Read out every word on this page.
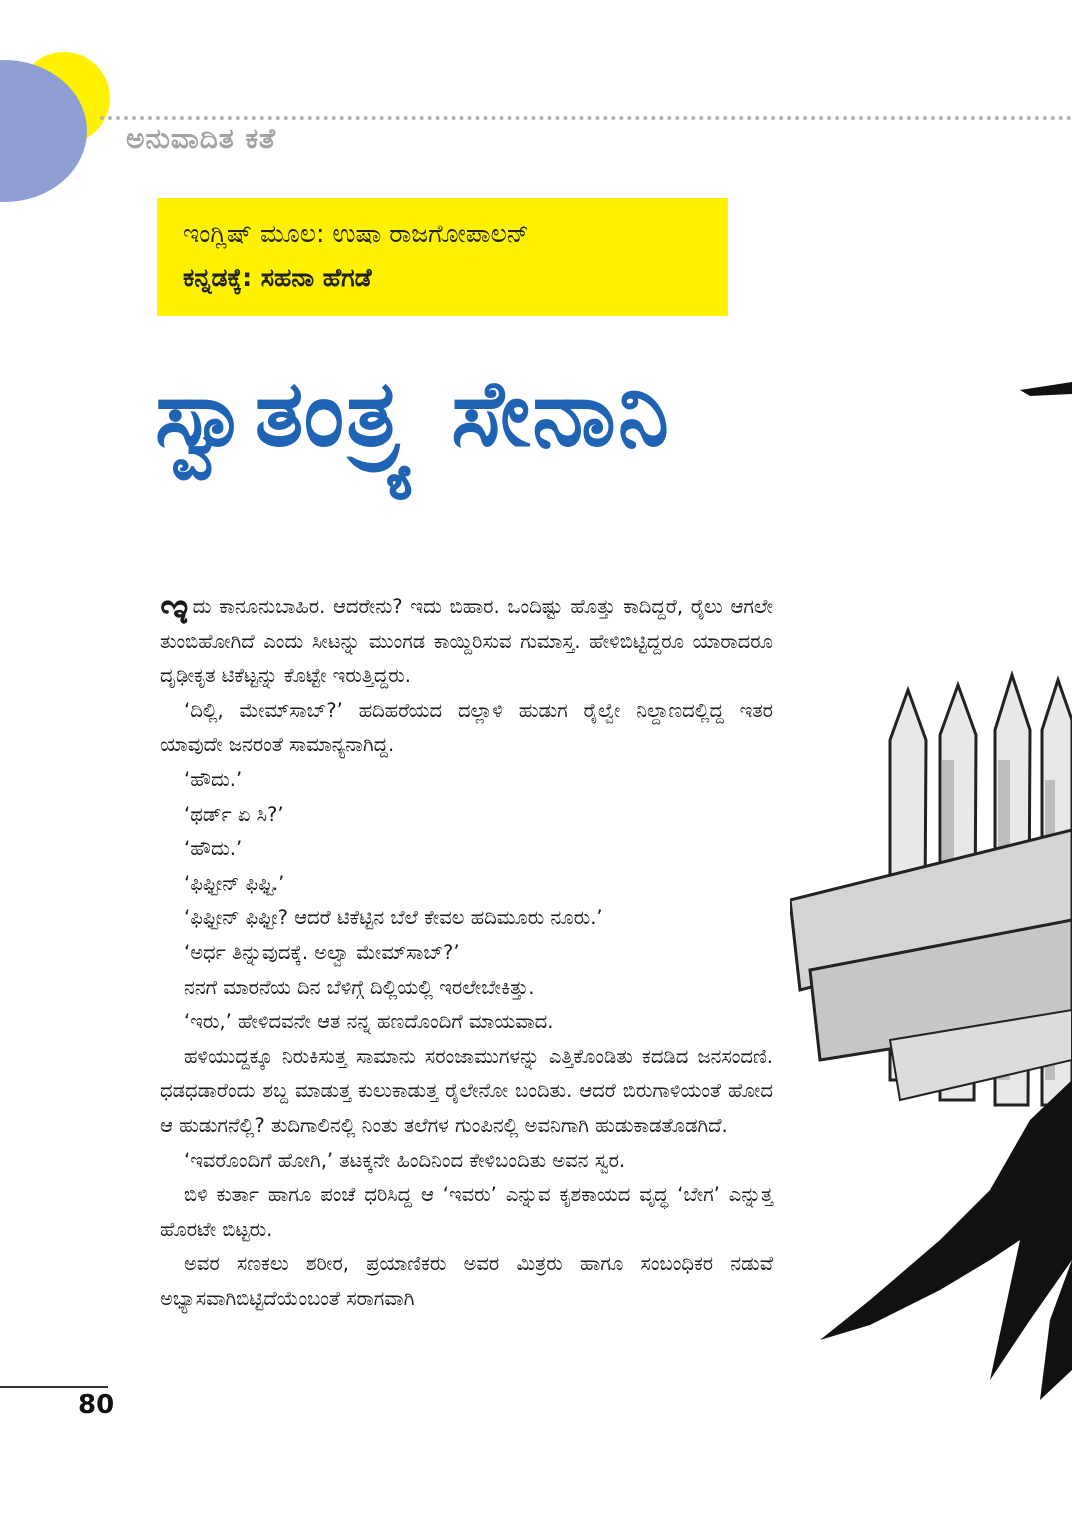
ಅನುವಾದಿತ ಕತೆ
ಇಂಗ್ಲಿಷ್ ಮೂಲ: ಉಷಾ ರಾಜಗೋಪಾಲನ್
ಕನ್ನಡಕ್ಕೆ: ಸಹನಾ ಹೆಗಡೆ
ಸ್ವಾತಂತ್ರ್ಯ ಸೇನಾನಿ

ಇದು ಕಾನೂನುಬಾಹಿರ. ಆದರೇನು? ಇದು ಬಿಹಾರ. ಒಂದಿಷ್ಟು ಹೊತ್ತು ಕಾದಿದ್ದರೆ, ರೈಲು ಆಗಲೇ ತುಂಬಿಹೋಗಿದೆ ಎಂದು ಸೀಟನ್ನು ಮುಂಗಡ ಕಾಯ್ದಿರಿಸುವ ಗುಮಾಸ್ತ. ಹೇಳಿಬಿಟ್ಟಿದ್ದರೂ ಯಾರಾದರೂ ದೃಢೀಕೃತ ಟಿಕೆಟ್ಟನ್ನು ಕೊಟ್ಟೇ ಇರುತ್ತಿದ್ದರು.

‘ದಿಲ್ಲಿ, ಮೇಮ್‌ಸಾಬ್?’ ಹದಿಹರೆಯದ ದಲ್ಲಾಳಿ ಹುಡುಗ ರೈಲ್ವೇ ನಿಲ್ದಾಣದಲ್ಲಿದ್ದ ಇತರ ಯಾವುದೇ ಜನರಂತೆ ಸಾಮಾನ್ಯನಾಗಿದ್ದ.

‘ಹೌದು.’

‘ಥರ್ಡ್ ಏ ಸಿ?’

‘ಹೌದು.’

‘ಫಿಫ್ಟೀನ್ ಫಿಫ್ಟಿ.’

‘ಫಿಫ್ಟೀನ್ ಫಿಫ್ಟೀ? ಆದರೆ ಟಿಕೆಟ್ಟಿನ ಬೆಲೆ ಕೇವಲ ಹದಿಮೂರು ನೂರು.’

‘ಅರ್ಧ ತಿನ್ನುವುದಕ್ಕೆ. ಅಲ್ವಾ ಮೇಮ್‌ಸಾಬ್?’

ನನಗೆ ಮಾರನೆಯ ದಿನ ಬೆಳಿಗ್ಗೆ ದಿಲ್ಲಿಯಲ್ಲಿ ಇರಲೇಬೇಕಿತ್ತು.

‘ಇರು,’ ಹೇಳಿದವನೇ ಆತ ನನ್ನ ಹಣದೊಂದಿಗೆ ಮಾಯವಾದ.

ಹಳಿಯುದ್ದಕ್ಕೂ ನಿರುಕಿಸುತ್ತ ಸಾಮಾನು ಸರಂಜಾಮುಗಳನ್ನು ಎತ್ತಿಕೊಂಡಿತು ಕದಡಿದ ಜನಸಂದಣಿ. ಧಡಧಡಾರೆಂದು ಶಬ್ದ ಮಾಡುತ್ತ ಕುಲುಕಾಡುತ್ತ ರೈಲೇನೋ ಬಂದಿತು. ಆದರೆ ಬಿರುಗಾಳಿಯಂತೆ ಹೋದ ಆ ಹುಡುಗನೆಲ್ಲಿ? ತುದಿಗಾಲಿನಲ್ಲಿ ನಿಂತು ತಲೆಗಳ ಗುಂಪಿನಲ್ಲಿ ಅವನಿಗಾಗಿ ಹುಡುಕಾಡತೊಡಗಿದೆ.

‘ಇವರೊಂದಿಗೆ ಹೋಗಿ,’ ತಟಕ್ಕನೇ ಹಿಂದಿನಿಂದ ಕೇಳಿಬಂದಿತು ಅವನ ಸ್ವರ.

ಬಿಳಿ ಕುರ್ತಾ ಹಾಗೂ ಪಂಚೆ ಧರಿಸಿದ್ದ ಆ ‘ಇವರು’ ಎನ್ನುವ ಕೃಶಕಾಯದ ವೃದ್ಧ ‘ಬೇಗ’ ಎನ್ನುತ್ತ ಹೊರಟೇ ಬಿಟ್ಟರು.

ಅವರ ಸಣಕಲು ಶರೀರ, ಪ್ರಯಾಣಿಕರು ಅವರ ಮಿತ್ರರು ಹಾಗೂ ಸಂಬಂಧಿಕರ ನಡುವೆ ಅಭ್ಯಾಸವಾಗಿಬಿಟ್ಟಿದೆಯೆಂಬಂತೆ ಸರಾಗವಾಗಿ

80
